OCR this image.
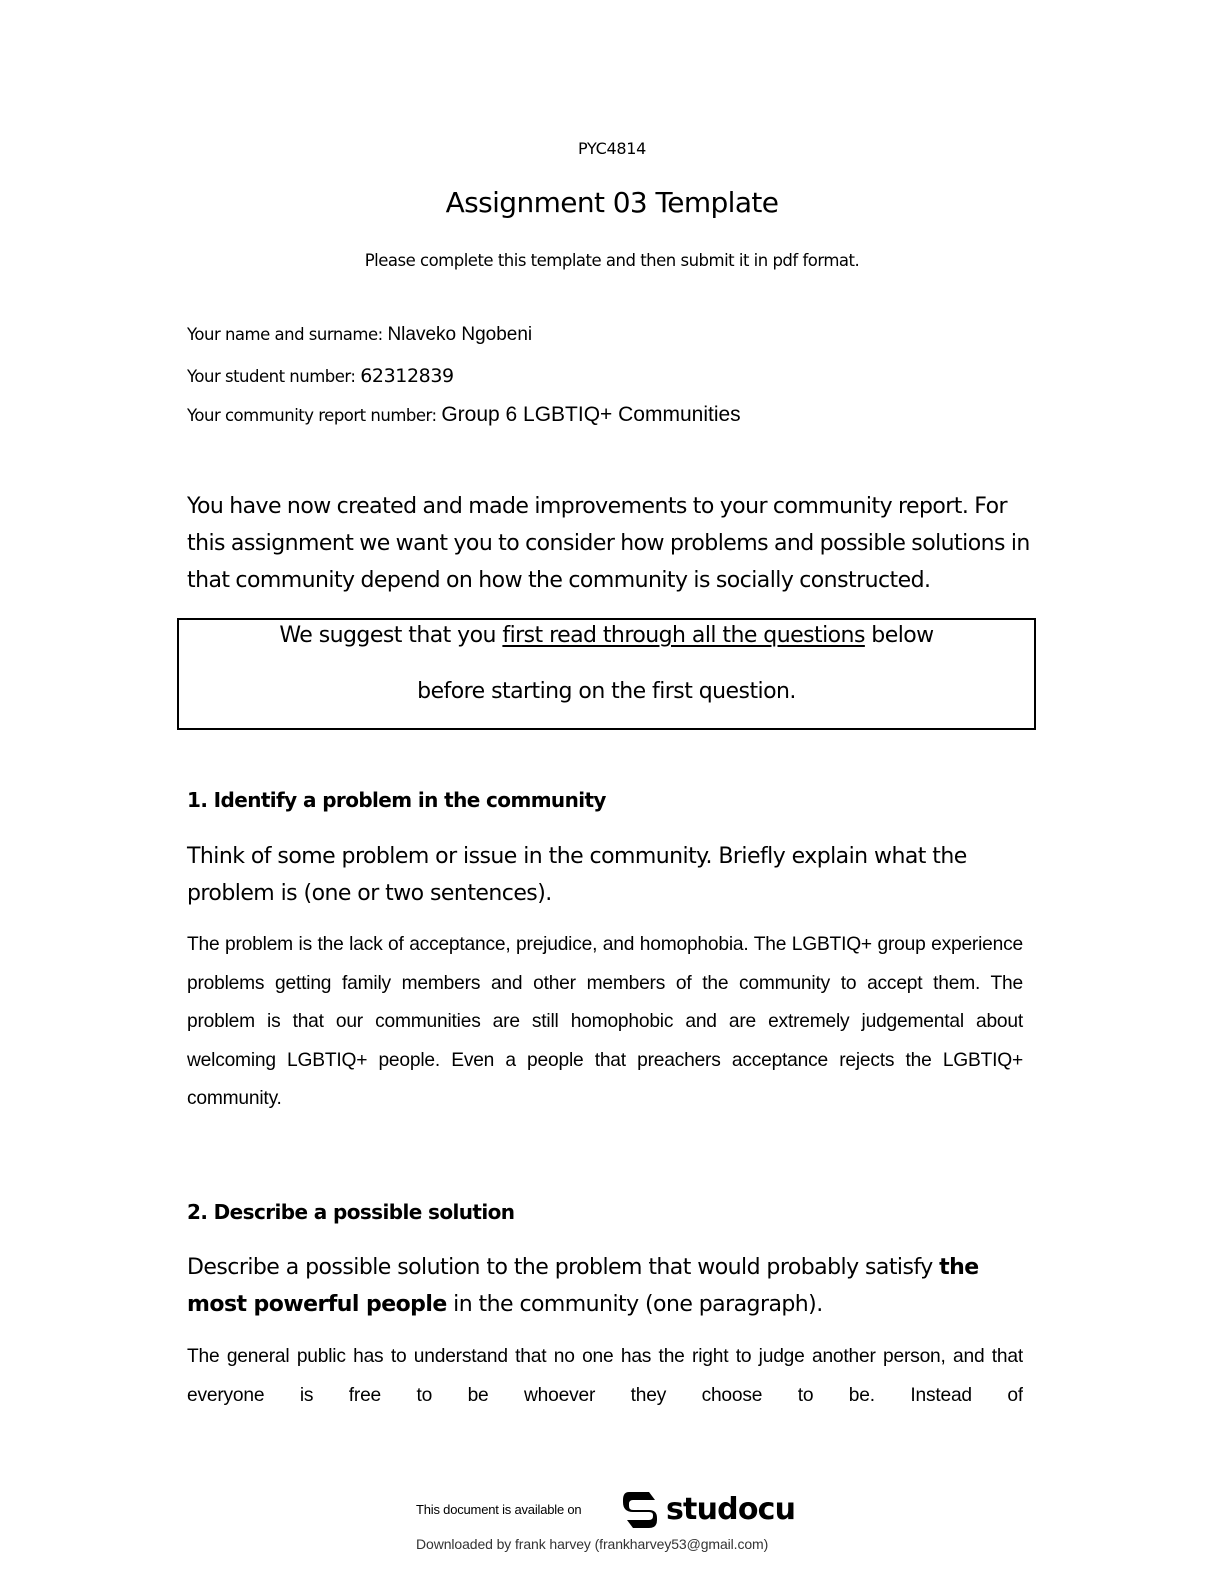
PYC4814
Assignment 03 Template
Please complete this template and then submit it in pdf format.
Your name and surname: Nlaveko Ngobeni
Your student number: 62312839
Your community report number: Group 6 LGBTIQ+ Communities
You have now created and made improvements to your community report. For this assignment we want you to consider how problems and possible solutions in that community depend on how the community is socially constructed.
We suggest that you first read through all the questions below
before starting on the first question.
1. Identify a problem in the community
Think of some problem or issue in the community. Briefly explain what the problem is (one or two sentences).
The problem is the lack of acceptance, prejudice, and homophobia. The LGBTIQ+ group experience problems getting family members and other members of the community to accept them. The problem is that our communities are still homophobic and are extremely judgemental about welcoming LGBTIQ+ people. Even a people that preachers acceptance rejects the LGBTIQ+ community.
2. Describe a possible solution
Describe a possible solution to the problem that would probably satisfy the most powerful people in the community (one paragraph).
The general public has to understand that no one has the right to judge another person, and that everyone is free to be whoever they choose to be. Instead of
This document is available on	studocu
Downloaded by frank harvey (frankharvey53@gmail.com)
